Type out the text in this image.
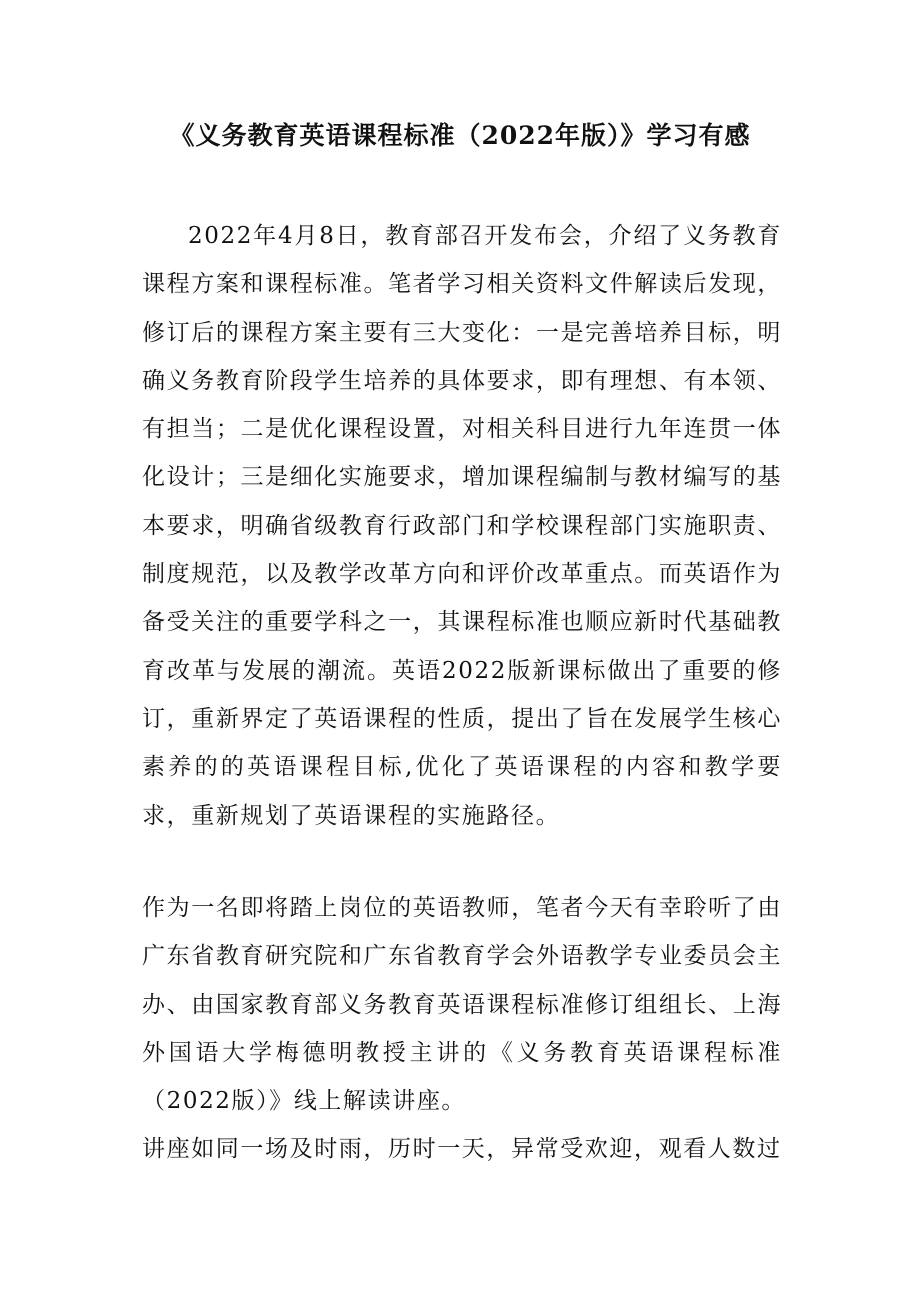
《义务教育英语课程标准（2022年版）》学习有感
2022年4月8日，教育部召开发布会，介绍了义务教育课程方案和课程标准。笔者学习相关资料文件解读后发现，修订后的课程方案主要有三大变化：一是完善培养目标，明确义务教育阶段学生培养的具体要求，即有理想、有本领、有担当；二是优化课程设置，对相关科目进行九年连贯一体化设计；三是细化实施要求，增加课程编制与教材编写的基本要求，明确省级教育行政部门和学校课程部门实施职责、制度规范，以及教学改革方向和评价改革重点。而英语作为备受关注的重要学科之一，其课程标准也顺应新时代基础教育改革与发展的潮流。英语2022版新课标做出了重要的修订，重新界定了英语课程的性质，提出了旨在发展学生核心素养的的英语课程目标,优化了英语课程的内容和教学要求，重新规划了英语课程的实施路径。
作为一名即将踏上岗位的英语教师，笔者今天有幸聆听了由广东省教育研究院和广东省教育学会外语教学专业委员会主办、由国家教育部义务教育英语课程标准修订组组长、上海外国语大学梅德明教授主讲的《义务教育英语课程标准（2022版）》线上解读讲座。
讲座如同一场及时雨，历时一天，异常受欢迎，观看人数过
